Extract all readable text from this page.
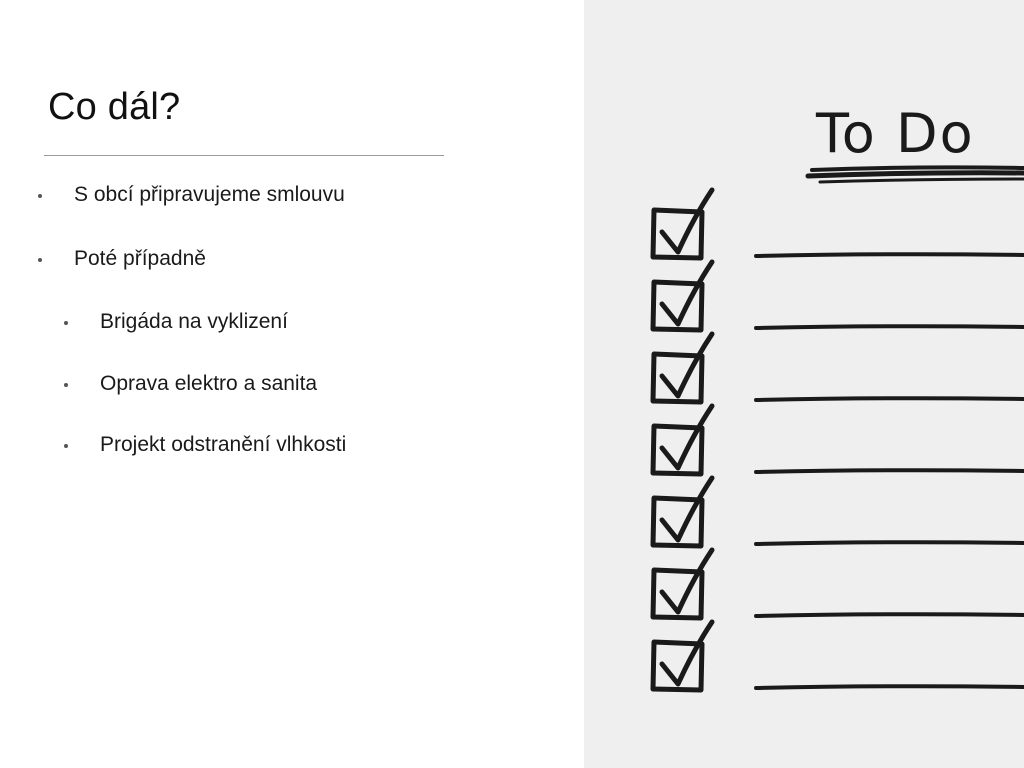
Co dál?
S obcí připravujeme smlouvu
Poté případně
Brigáda na vyklizení
Oprava elektro a sanita
Projekt odstranění vlhkosti
To Do
